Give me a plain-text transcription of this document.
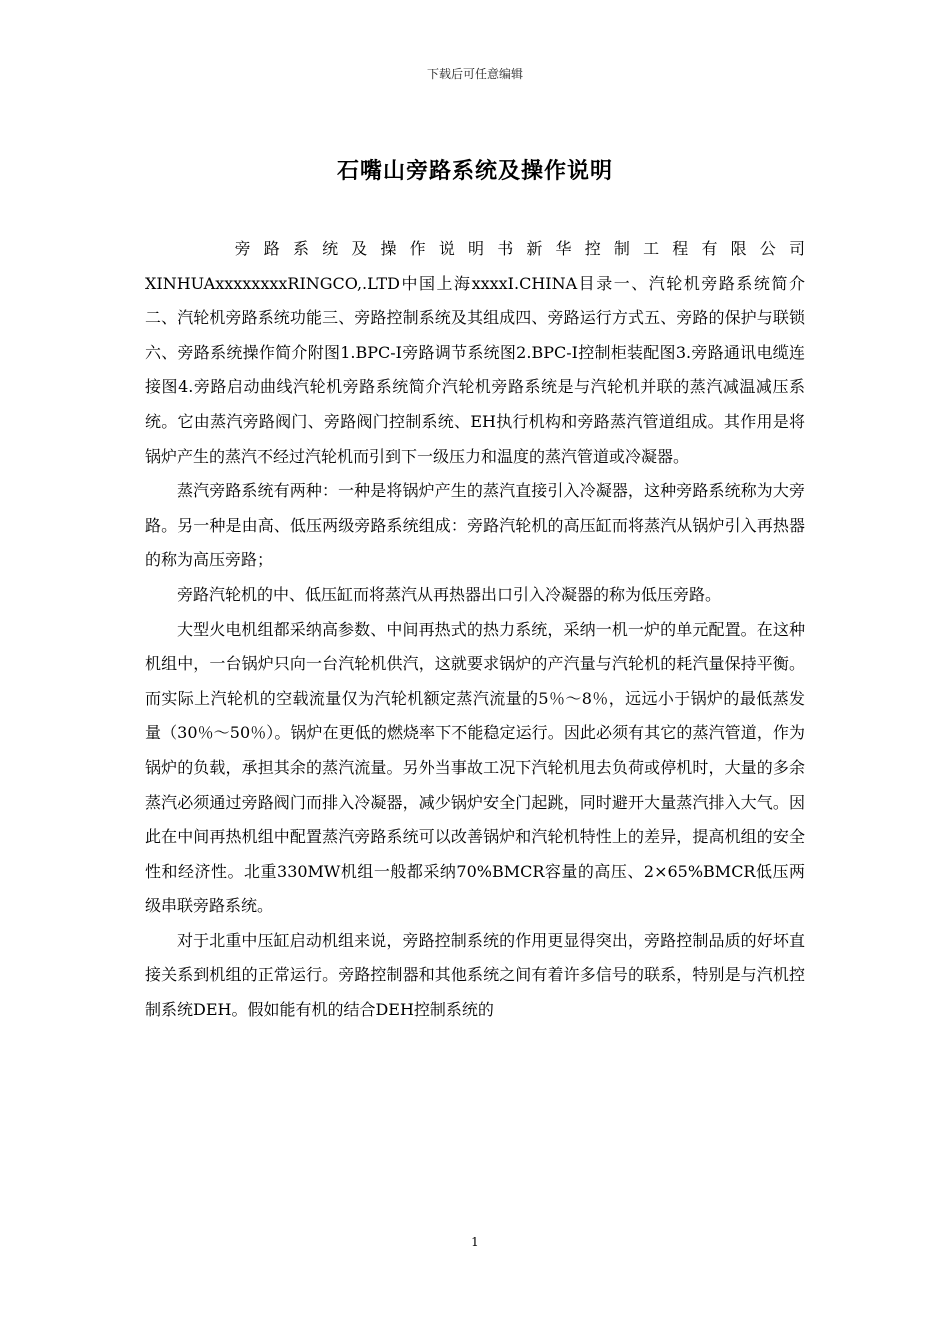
下载后可任意编辑
石嘴山旁路系统及操作说明

旁路系统及操作说明书新华控制工程有限公司XINHUAxxxxxxxxRINGCO,.LTD中国上海xxxxI.CHINA目录一、汽轮机旁路系统简介二、汽轮机旁路系统功能三、旁路控制系统及其组成四、旁路运行方式五、旁路的保护与联锁六、旁路系统操作简介附图1.BPC-I旁路调节系统图2.BPC-I控制柜装配图3.旁路通讯电缆连接图4.旁路启动曲线汽轮机旁路系统简介汽轮机旁路系统是与汽轮机并联的蒸汽减温减压系统。它由蒸汽旁路阀门、旁路阀门控制系统、EH执行机构和旁路蒸汽管道组成。其作用是将锅炉产生的蒸汽不经过汽轮机而引到下一级压力和温度的蒸汽管道或冷凝器。

蒸汽旁路系统有两种：一种是将锅炉产生的蒸汽直接引入冷凝器，这种旁路系统称为大旁路。另一种是由高、低压两级旁路系统组成：旁路汽轮机的高压缸而将蒸汽从锅炉引入再热器的称为高压旁路；

旁路汽轮机的中、低压缸而将蒸汽从再热器出口引入冷凝器的称为低压旁路。

大型火电机组都采纳高参数、中间再热式的热力系统，采纳一机一炉的单元配置。在这种机组中，一台锅炉只向一台汽轮机供汽，这就要求锅炉的产汽量与汽轮机的耗汽量保持平衡。而实际上汽轮机的空载流量仅为汽轮机额定蒸汽流量的5％～8％，远远小于锅炉的最低蒸发量（30％～50％）。锅炉在更低的燃烧率下不能稳定运行。因此必须有其它的蒸汽管道，作为锅炉的负载，承担其余的蒸汽流量。另外当事故工况下汽轮机甩去负荷或停机时，大量的多余蒸汽必须通过旁路阀门而排入冷凝器，减少锅炉安全门起跳，同时避开大量蒸汽排入大气。因此在中间再热机组中配置蒸汽旁路系统可以改善锅炉和汽轮机特性上的差异，提高机组的安全性和经济性。北重330MW机组一般都采纳70%BMCR容量的高压、2×65%BMCR低压两级串联旁路系统。

对于北重中压缸启动机组来说，旁路控制系统的作用更显得突出，旁路控制品质的好坏直接关系到机组的正常运行。旁路控制器和其他系统之间有着许多信号的联系，特别是与汽机控制系统DEH。假如能有机的结合DEH控制系统的

1
